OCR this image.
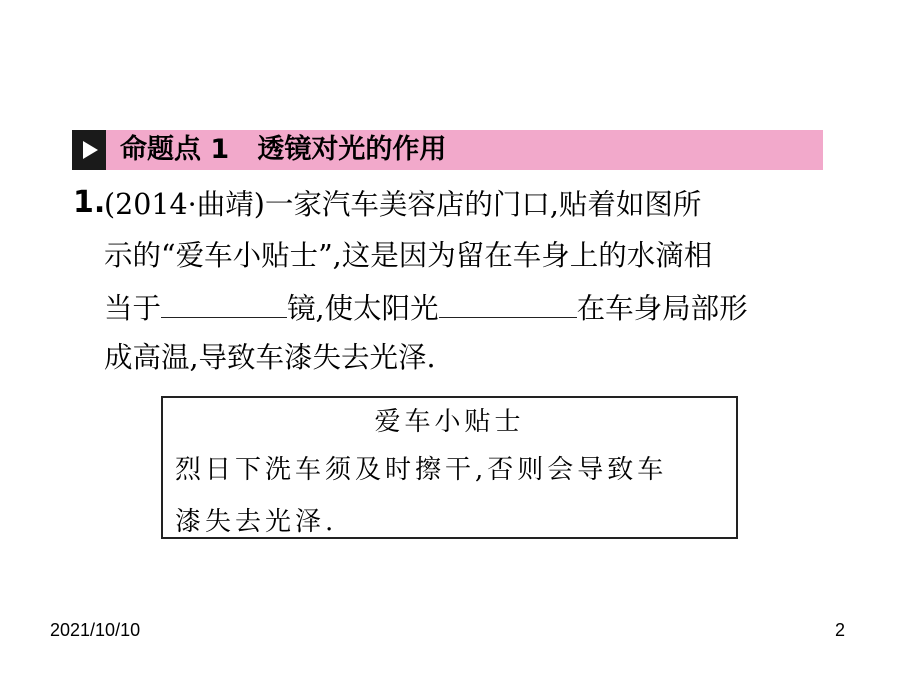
命题点 1   透镜对光的作用
1.
(2014·曲靖)一家汽车美容店的门口,贴着如图所
示的“爱车小贴士”,这是因为留在车身上的水滴相
当于	镜,使太阳光	在车身局部形
成高温,导致车漆失去光泽.
爱车小贴士
烈日下洗车须及时擦干,否则会导致车
漆失去光泽.
2021/10/10	2
